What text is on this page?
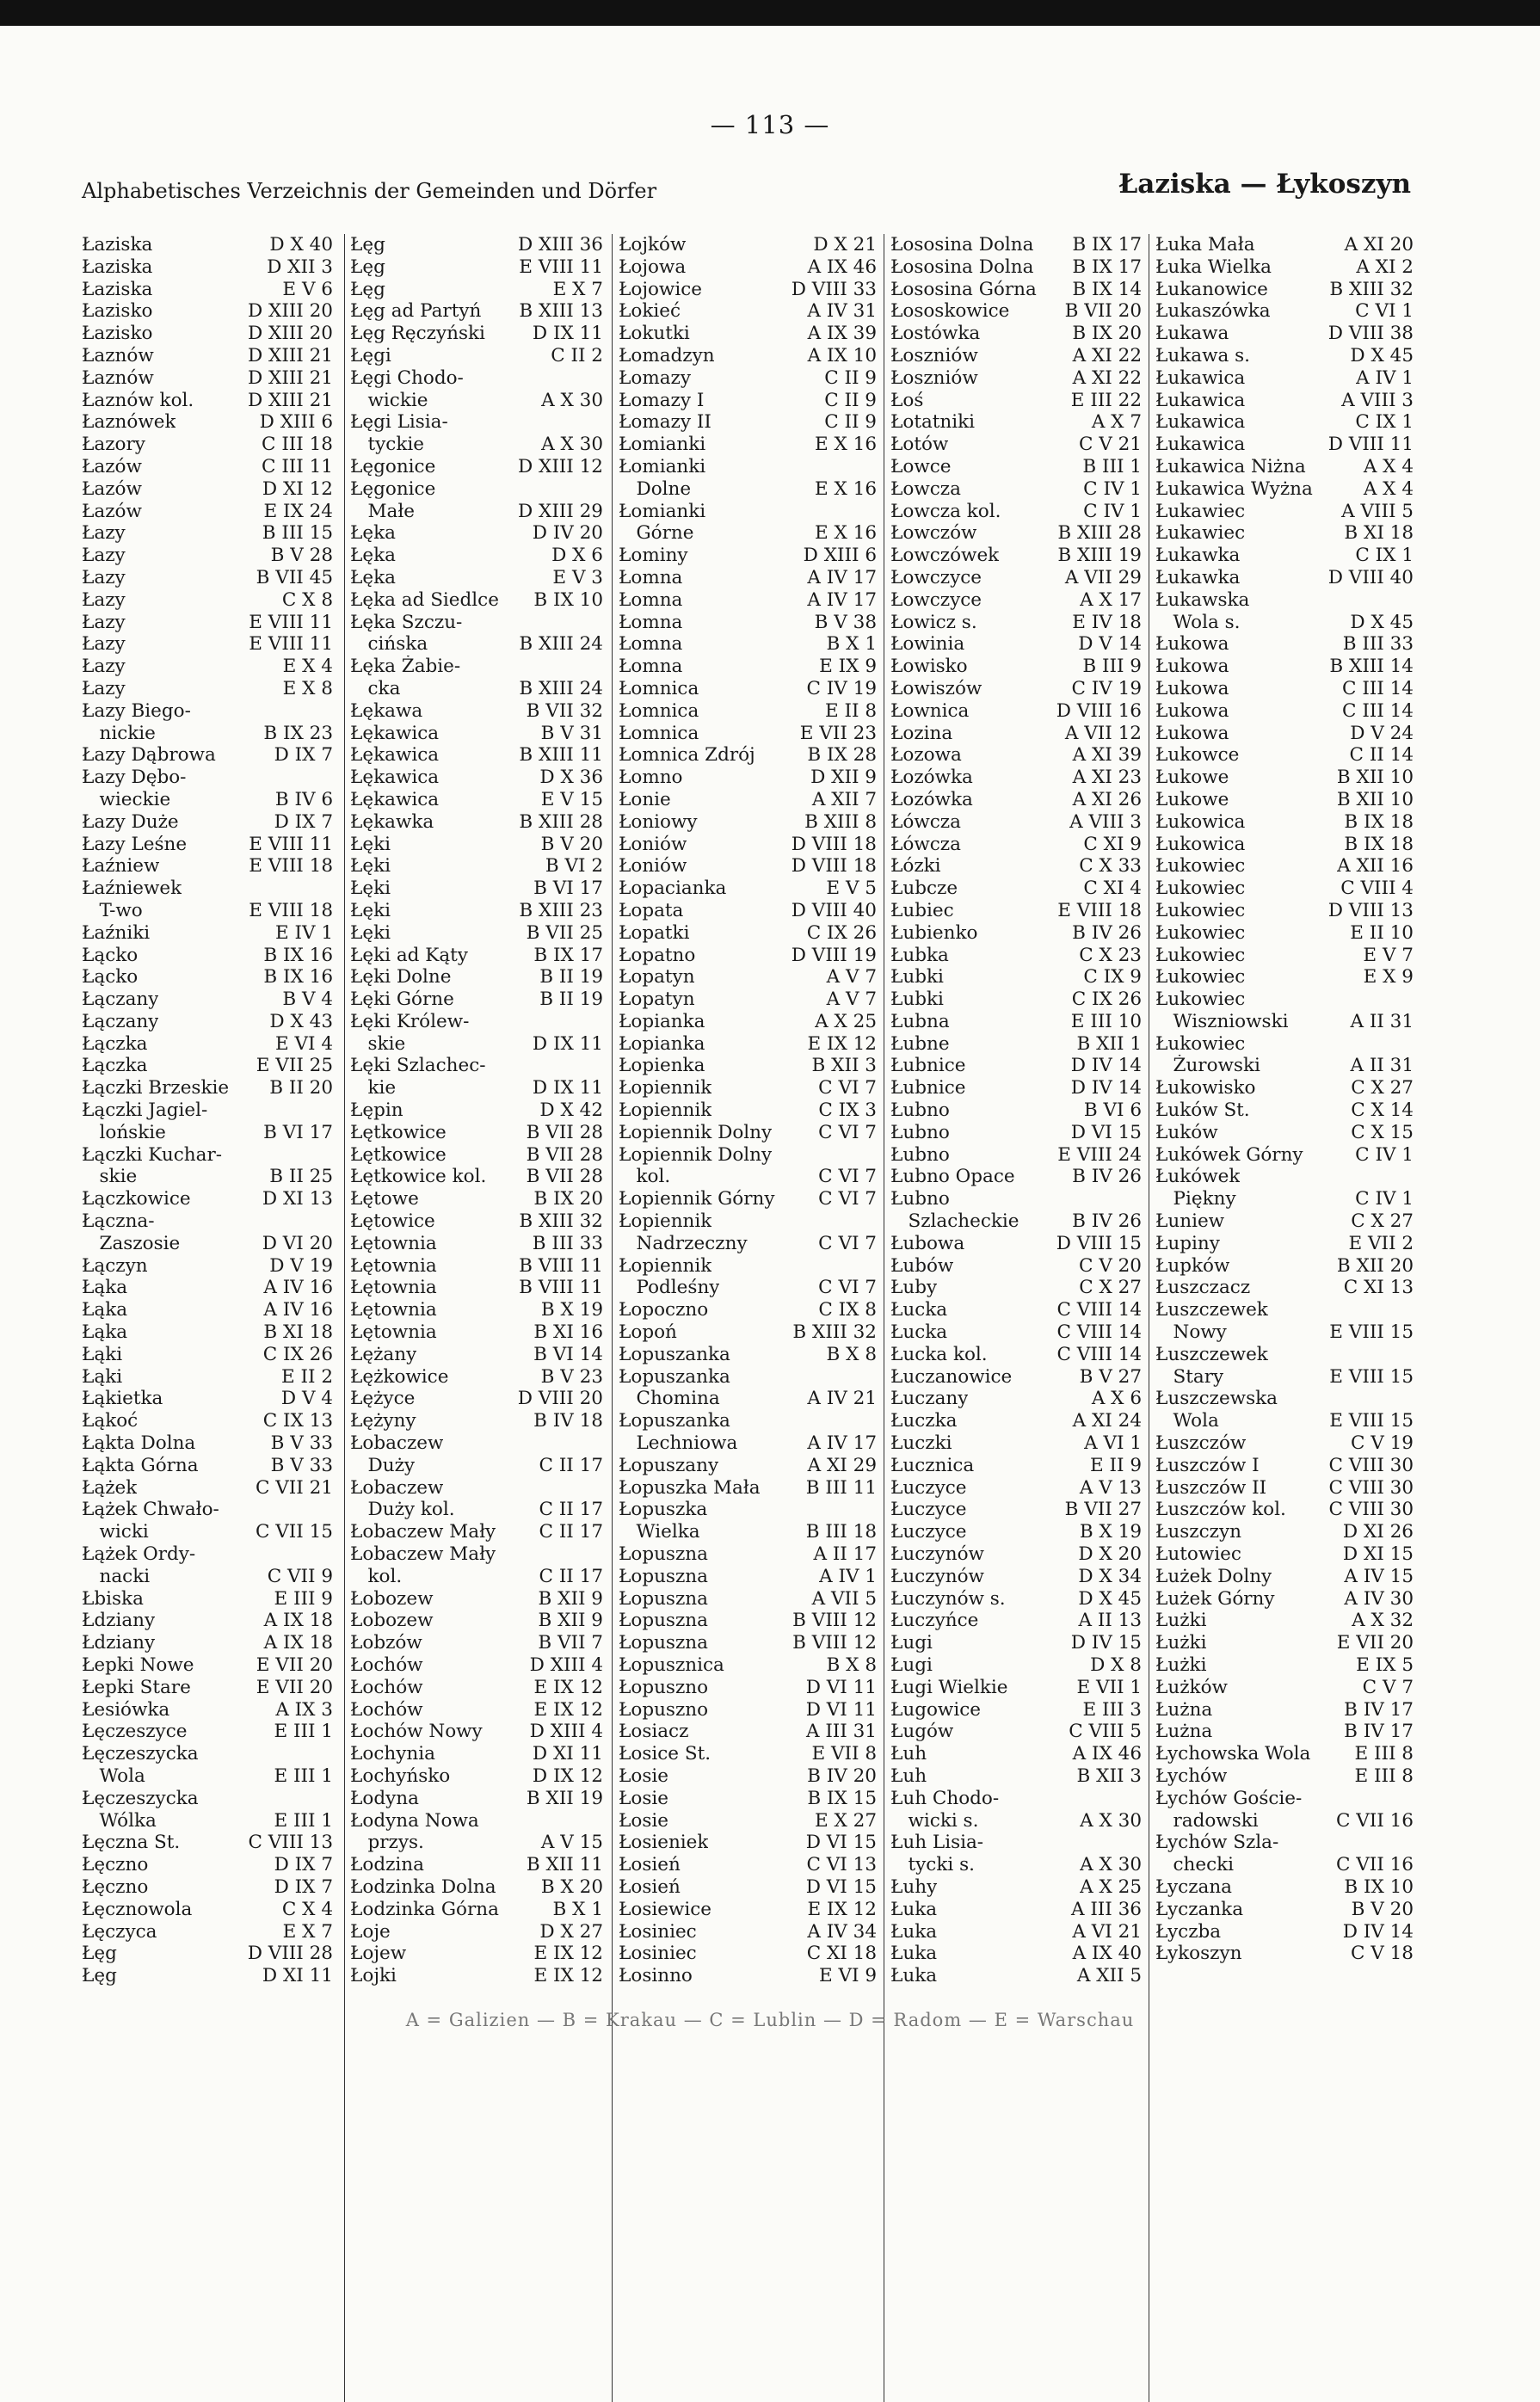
— 113 —
Alphabetisches Verzeichnis der Gemeinden und Dörfer	Łaziska — Łykoszyn
Łaziska	D X 40
Łaziska	D XII 3
Łaziska	E V 6
Łazisko	D XIII 20
Łazisko	D XIII 20
Łaznów	D XIII 21
Łaznów	D XIII 21
Łaznów kol.	D XIII 21
Łaznówek	D XIII 6
Łazory	C III 18
Łazów	C III 11
Łazów	D XI 12
Łazów	E IX 24
Łazy	B III 15
Łazy	B V 28
Łazy	B VII 45
Łazy	C X 8
Łazy	E VIII 11
Łazy	E VIII 11
Łazy	E X 4
Łazy	E X 8
Łazy Biego-
nickie	B IX 23
Łazy Dąbrowa	D IX 7
Łazy Dębo-
wieckie	B IV 6
Łazy Duże	D IX 7
Łazy Leśne	E VIII 11
Łaźniew	E VIII 18
Łaźniewek
T-wo	E VIII 18
Łaźniki	E IV 1
Łącko	B IX 16
Łącko	B IX 16
Łączany	B V 4
Łączany	D X 43
Łączka	E VI 4
Łączka	E VII 25
Łączki Brzeskie B II 20
Łączki Jagiel-
lońskie	B VI 17
Łączki Kuchar-
skie	B II 25
Łączkowice	D XI 13
Łączna-
Zaszosie	D VI 20
Łączyn	D V 19
Łąka	A IV 16
Łąka	A IV 16
Łąka	B XI 18
Łąki	C IX 26
Łąki	E II 2
Łąkietka	D V 4
Łąkoć	C IX 13
Łąkta Dolna	B V 33
Łąkta Górna	B V 33
Łążek	C VII 21
Łążek Chwało-
wicki	C VII 15
Łążek Ordy-
nacki	C VII 9
Łbiska	E III 9
Łdziany	A IX 18
Łdziany	A IX 18
Łepki Nowe	E VII 20
Łepki Stare	E VII 20
Łesiówka	A IX 3
Łęczeszyce	E III 1
Łęczeszycka
Wola	E III 1
Łęczeszycka
Wólka	E III 1
Łęczna St.	C VIII 13
Łęczno	D IX 7
Łęczno	D IX 7
Łęcznowola	C X 4
Łęczyca	E X 7
Łęg	D VIII 28
Łęg	D XI 11
Łęg	D XIII 36
Łęg	E VIII 11
Łęg	E X 7
Łęg ad Partyń B XIII 13
Łęg Ręczyński	D IX 11
Łęgi	C II 2
Łęgi Chodo-
wickie	A X 30
Łęgi Lisia-
tyckie	A X 30
Łęgonice	D XIII 12
Łęgonice
Małe	D XIII 29
Łęka	D IV 20
Łęka	D X 6
Łęka	E V 3
Łęka ad Siedlce B IX 10
Łęka Szczu-
cińska	B XIII 24
Łęka Żabie-
cka	B XIII 24
Łękawa	B VII 32
Łękawica	B V 31
Łękawica	B XIII 11
Łękawica	D X 36
Łękawica	E V 15
Łękawka	B XIII 28
Łęki	B V 20
Łęki	B VI 2
Łęki	B VI 17
Łęki	B XIII 23
Łęki	B VII 25
Łęki ad Kąty	B IX 17
Łęki Dolne	B II 19
Łęki Górne	B II 19
Łęki Królew-
skie	D IX 11
Łęki Szlachec-
kie	D IX 11
Łępin	D X 42
Łętkowice	B VII 28
Łętkowice	B VII 28
Łętkowice kol. B VII 28
Łętowe	B IX 20
Łętowice	B XIII 32
Łętownia	B III 33
Łętownia	B VIII 11
Łętownia	B VIII 11
Łętownia	B X 19
Łętownia	B XI 16
Łężany	B VI 14
Łężkowice	B V 23
Łężyce	D VIII 20
Łężyny	B IV 18
Łobaczew
Duży	C II 17
Łobaczew
Duży kol.	C II 17
Łobaczew Mały C II 17
Łobaczew Mały
kol.	C II 17
Łobozew	B XII 9
Łobozew	B XII 9
Łobzów	B VII 7
Łochów	D XIII 4
Łochów	E IX 12
Łochów	E IX 12
Łochów Nowy	D XIII 4
Łochynia	D XI 11
Łochyńsko	D IX 12
Łodyna	B XII 19
Łodyna Nowa
przys.	A V 15
Łodzina	B XII 11
Łodzinka Dolna B X 20
Łodzinka Górna	B X 1
Łoje	D X 27
Łojew	E IX 12
Łojki	E IX 12
Łojków	D X 21
Łojowa	A IX 46
Łojowice	D VIII 33
Łokieć	A IV 31
Łokutki	A IX 39
Łomadzyn	A IX 10
Łomazy	C II 9
Łomazy I	C II 9
Łomazy II	C II 9
Łomianki	E X 16
Łomianki
Dolne	E X 16
Łomianki
Górne	E X 16
Łominy	D XIII 6
Łomna	A IV 17
Łomna	A IV 17
Łomna	B V 38
Łomna	B X 1
Łomna	E IX 9
Łomnica	C IV 19
Łomnica	E II 8
Łomnica	E VII 23
Łomnica Zdrój	B IX 28
Łomno	D XII 9
Łonie	A XII 7
Łoniowy	B XIII 8
Łoniów	D VIII 18
Łoniów	D VIII 18
Łopacianka	E V 5
Łopata	D VIII 40
Łopatki	C IX 26
Łopatno	D VIII 19
Łopatyn	A V 7
Łopatyn	A V 7
Łopianka	A X 25
Łopianka	E IX 12
Łopienka	B XII 3
Łopiennik	C VI 7
Łopiennik	C IX 3
Łopiennik Dolny	C VI 7
Łopiennik Dolny
kol.	C VI 7
Łopiennik Górny C VI 7
Łopiennik
Nadrzeczny	C VI 7
Łopiennik
Podleśny	C VI 7
Łopoczno	C IX 8
Łopoń	B XIII 32
Łopuszanka	B X 8
Łopuszanka
Chomina	A IV 21
Łopuszanka
Lechniowa	A IV 17
Łopuszany	A XI 29
Łopuszka Mała B III 11
Łopuszka
Wielka	B III 18
Łopuszna	A II 17
Łopuszna	A IV 1
Łopuszna	A VII 5
Łopuszna	B VIII 12
Łopuszna	B VIII 12
Łopusznica	B X 8
Łopuszno	D VI 11
Łopuszno	D VI 11
Łosiacz	A III 31
Łosice St.	E VII 8
Łosie	B IV 20
Łosie	B IX 15
Łosie	E X 27
Łosieniek	D VI 15
Łosień	C VI 13
Łosień	D VI 15
Łosiewice	E IX 12
Łosiniec	A IV 34
Łosiniec	C XI 18
Łosinno	E VI 9
Łososina Dolna B IX 17
Łososina Dolna B IX 17
Łososina Górna B IX 14
Łososkowice	B VII 20
Łostówka	B IX 20
Łoszniów	A XI 22
Łoszniów	A XI 22
Łoś	E III 22
Łotatniki	A X 7
Łotów	C V 21
Łowce	B III 1
Łowcza	C IV 1
Łowcza kol.	C IV 1
Łowczów	B XIII 28
Łowczówek	B XIII 19
Łowczyce	A VII 29
Łowczyce	A X 17
Łowicz s.	E IV 18
Łowinia	D V 14
Łowisko	B III 9
Łowiszów	C IV 19
Łownica	D VIII 16
Łozina	A VII 12
Łozowa	A XI 39
Łozówka	A XI 23
Łozówka	A XI 26
Łówcza	A VIII 3
Łówcza	C XI 9
Łózki	C X 33
Łubcze	C XI 4
Łubiec	E VIII 18
Łubienko	B IV 26
Łubka	C X 23
Łubki	C IX 9
Łubki	C IX 26
Łubna	E III 10
Łubne	B XII 1
Łubnice	D IV 14
Łubnice	D IV 14
Łubno	B VI 6
Łubno	D VI 15
Łubno	E VIII 24
Łubno Opace	B IV 26
Łubno
Szlacheckie	B IV 26
Łubowa	D VIII 15
Łubów	C V 20
Łuby	C X 27
Łucka	C VIII 14
Łucka	C VIII 14
Łucka kol.	C VIII 14
Łuczanowice	B V 27
Łuczany	A X 6
Łuczka	A XI 24
Łuczki	A VI 1
Łucznica	E II 9
Łuczyce	A V 13
Łuczyce	B VII 27
Łuczyce	B X 19
Łuczynów	D X 20
Łuczynów	D X 34
Łuczynów s.	D X 45
Łuczyńce	A II 13
Ługi	D IV 15
Ługi	D X 8
Ługi Wielkie	E VII 1
Ługowice	E III 3
Ługów	C VIII 5
Łuh	A IX 46
Łuh	B XII 3
Łuh Chodo-
wicki s.	A X 30
Łuh Lisia-
tycki s.	A X 30
Łuhy	A X 25
Łuka	A III 36
Łuka	A VI 21
Łuka	A IX 40
Łuka	A XII 5
Łuka Mała	A XI 20
Łuka Wielka	A XI 2
Łukanowice	B XIII 32
Łukaszówka	C VI 1
Łukawa	D VIII 38
Łukawa s.	D X 45
Łukawica	A IV 1
Łukawica	A VIII 3
Łukawica	C IX 1
Łukawica	D VIII 11
Łukawica Niżna	A X 4
Łukawica Wyżna	A X 4
Łukawiec	A VIII 5
Łukawiec	B XI 18
Łukawka	C IX 1
Łukawka	D VIII 40
Łukawska
Wola s.	D X 45
Łukowa	B III 33
Łukowa	B XIII 14
Łukowa	C III 14
Łukowa	C III 14
Łukowa	D V 24
Łukowce	C II 14
Łukowe	B XII 10
Łukowe	B XII 10
Łukowica	B IX 18
Łukowica	B IX 18
Łukowiec	A XII 16
Łukowiec	C VIII 4
Łukowiec	D VIII 13
Łukowiec	E II 10
Łukowiec	E V 7
Łukowiec	E X 9
Łukowiec
Wiszniowski	A II 31
Łukowiec
Żurowski	A II 31
Łukowisko	C X 27
Łuków St.	C X 14
Łuków	C X 15
Łukówek Górny	C IV 1
Łukówek
Piękny	C IV 1
Łuniew	C X 27
Łupiny	E VII 2
Łupków	B XII 20
Łuszczacz	C XI 13
Łuszczewek
Nowy	E VIII 15
Łuszczewek
Stary	E VIII 15
Łuszczewska
Wola	E VIII 15
Łuszczów	C V 19
Łuszczów I	C VIII 30
Łuszczów II	C VIII 30
Łuszczów kol. C VIII 30
Łuszczyn	D XI 26
Łutowiec	D XI 15
Łużek Dolny	A IV 15
Łużek Górny	A IV 30
Łużki	A X 32
Łużki	E VII 20
Łużki	E IX 5
Łużków	C V 7
Łużna	B IV 17
Łużna	B IV 17
Łychowska Wola E III 8
Łychów	E III 8
Łychów Goście-
radowski	C VII 16
Łychów Szla-
checki	C VII 16
Łyczana	B IX 10
Łyczanka	B V 20
Łyczba	D IV 14
Łykoszyn	C V 18
A = Galizien — B = Krakau — C = Lublin — D = Radom — E = Warschau
